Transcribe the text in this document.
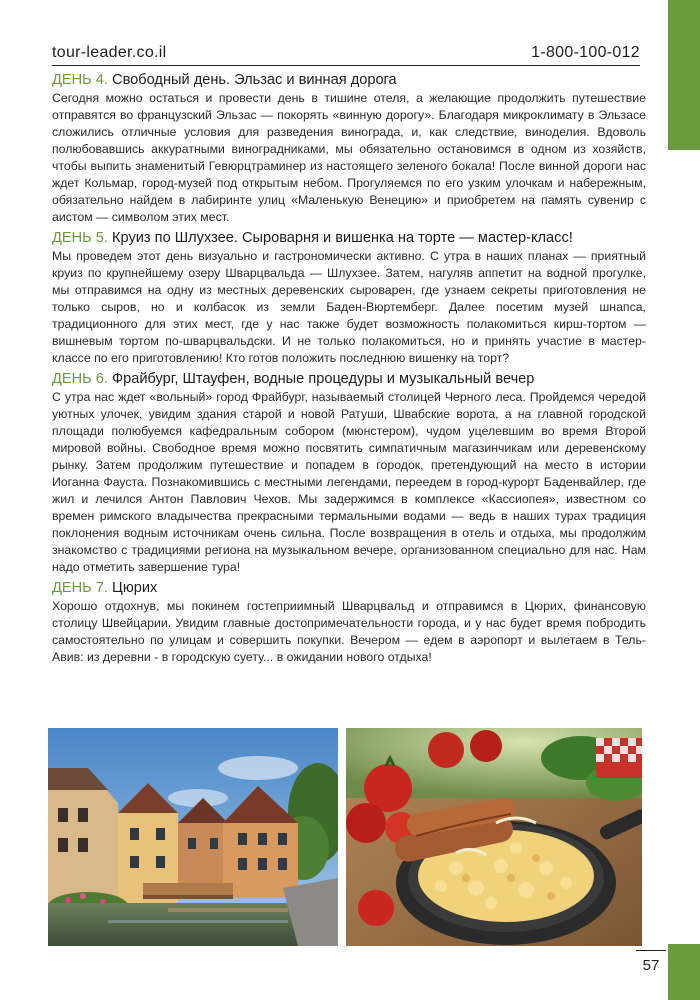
tour-leader.co.il	1-800-100-012
ДЕНЬ 4. Свободный день. Эльзас и винная дорога

Сегодня можно остаться и провести день в тишине отеля, а желающие продолжить путешествие отправятся во французский Эльзас — покорять «винную дорогу». Благодаря микроклимату в Эльзасе сложились отличные условия для разведения винограда, и, как следствие, виноделия. Вдоволь полюбовавшись аккуратными виноградниками, мы обязательно остановимся в одном из хозяйств, чтобы выпить знаменитый Гевюрцтраминер из настоящего зеленого бокала! После винной дороги нас ждет Кольмар, город-музей под открытым небом. Прогуляемся по его узким улочкам и набережным, обязательно найдем в лабиринте улиц «Маленькую Венецию» и приобретем на память сувенир с аистом — символом этих мест.

ДЕНЬ 5. Круиз по Шлухзее. Сыроварня и вишенка на торте — мастер-класс!

Мы проведем этот день визуально и гастрономически активно. С утра в наших планах — приятный круиз по крупнейшему озеру Шварцвальда — Шлухзее. Затем, нагуляв аппетит на водной прогулке, мы отправимся на одну из местных деревенских сыроварен, где узнаем секреты приготовления не только сыров, но и колбасок из земли Баден-Вюртемберг. Далее посетим музей шнапса, традиционного для этих мест, где у нас также будет возможность полакомиться кирш-тортом — вишневым тортом по-шварцвальдски. И не только полакомиться, но и принять участие в мастер-классе по его приготовлению! Кто готов положить последнюю вишенку на торт?

ДЕНЬ 6. Фрайбург, Штауфен, водные процедуры и музыкальный вечер

С утра нас ждет «вольный» город Фрайбург, называемый столицей Черного леса. Пройдемся чередой уютных улочек, увидим здания старой и новой Ратуши, Швабские ворота, а на главной городской площади полюбуемся кафедральным собором (мюнстером), чудом уцелевшим во время Второй мировой войны. Свободное время можно посвятить симпатичным магазинчикам или деревенскому рынку. Затем продолжим путешествие и попадем в городок, претендующий на место в истории Иоганна Фауста. Познакомившись с местными легендами, переедем в город-курорт Баденвайлер, где жил и лечился Антон Павлович Чехов. Мы задержимся в комплексе «Кассиопея», известном со времен римского владычества прекрасными термальными водами — ведь в наших турах традиция поклонения водным источникам очень сильна. После возвращения в отель и отдыха, мы продолжим знакомство с традициями региона на музыкальном вечере, организованном специально для нас. Нам надо отметить завершение тура!

ДЕНЬ 7. Цюрих

Хорошо отдохнув, мы покинем гостеприимный Шварцвальд и отправимся в Цюрих, финансовую столицу Швейцарии. Увидим главные достопримечательности города, и у нас будет время побродить самостоятельно по улицам и совершить покупки. Вечером — едем в аэропорт и вылетаем в Тель-Авив: из деревни - в городскую суету... в ожидании нового отдыха!

57
